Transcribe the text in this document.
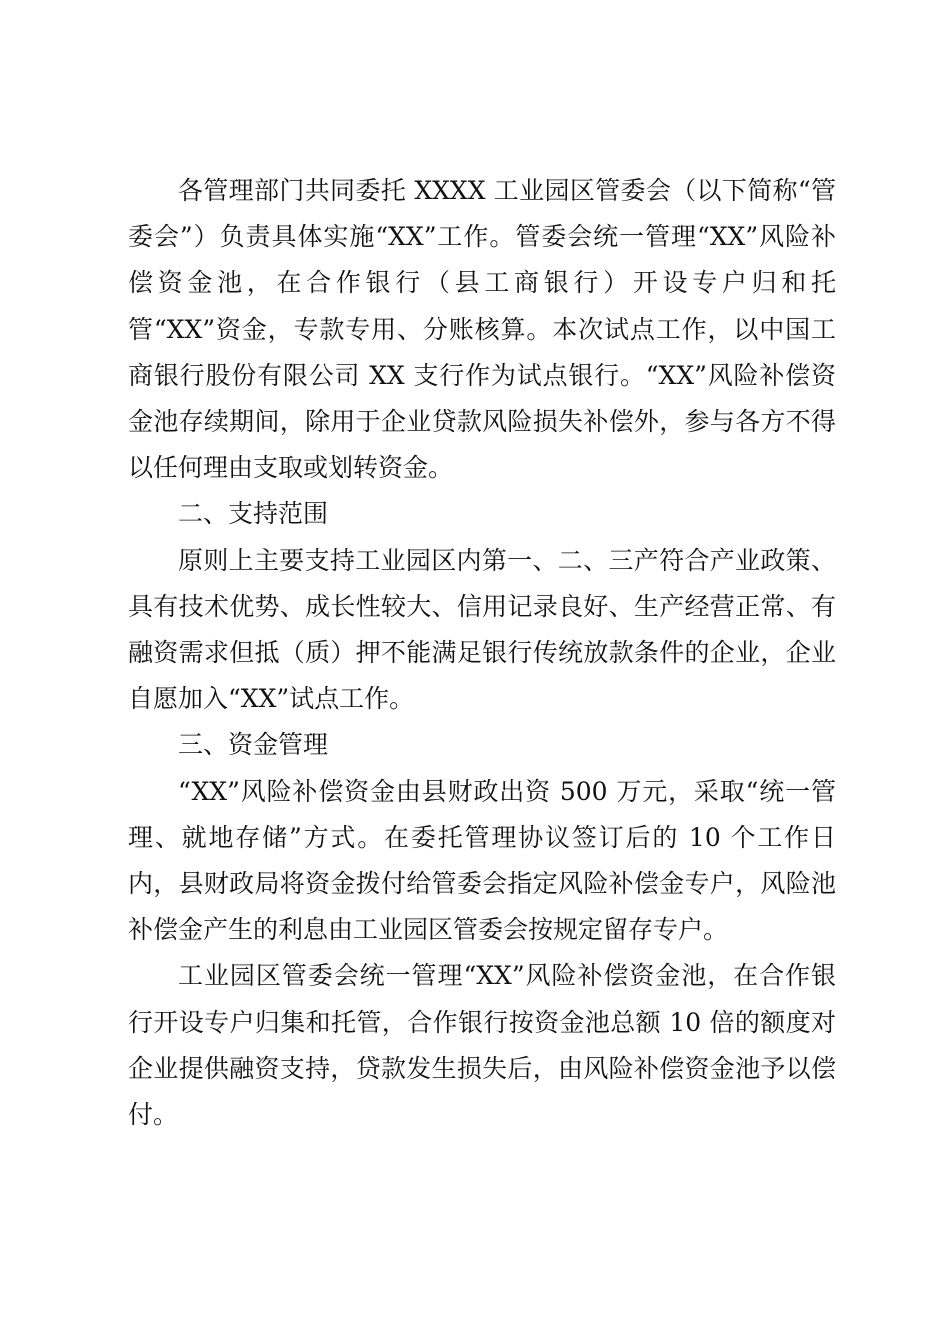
各管理部门共同委托 XXXX 工业园区管委会（以下简称“管委会”）负责具体实施“XX”工作。管委会统一管理“XX”风险补偿资金池，在合作银行（县工商银行）开设专户归和托管“XX”资金，专款专用、分账核算。本次试点工作，以中国工商银行股份有限公司 XX 支行作为试点银行。“XX”风险补偿资金池存续期间，除用于企业贷款风险损失补偿外，参与各方不得以任何理由支取或划转资金。

二、支持范围

原则上主要支持工业园区内第一、二、三产符合产业政策、具有技术优势、成长性较大、信用记录良好、生产经营正常、有融资需求但抵（质）押不能满足银行传统放款条件的企业，企业自愿加入“XX”试点工作。

三、资金管理

“XX”风险补偿资金由县财政出资 500 万元，采取“统一管理、就地存储”方式。在委托管理协议签订后的 10 个工作日内，县财政局将资金拨付给管委会指定风险补偿金专户，风险池补偿金产生的利息由工业园区管委会按规定留存专户。

工业园区管委会统一管理“XX”风险补偿资金池，在合作银行开设专户归集和托管，合作银行按资金池总额 10 倍的额度对企业提供融资支持，贷款发生损失后，由风险补偿资金池予以偿付。
